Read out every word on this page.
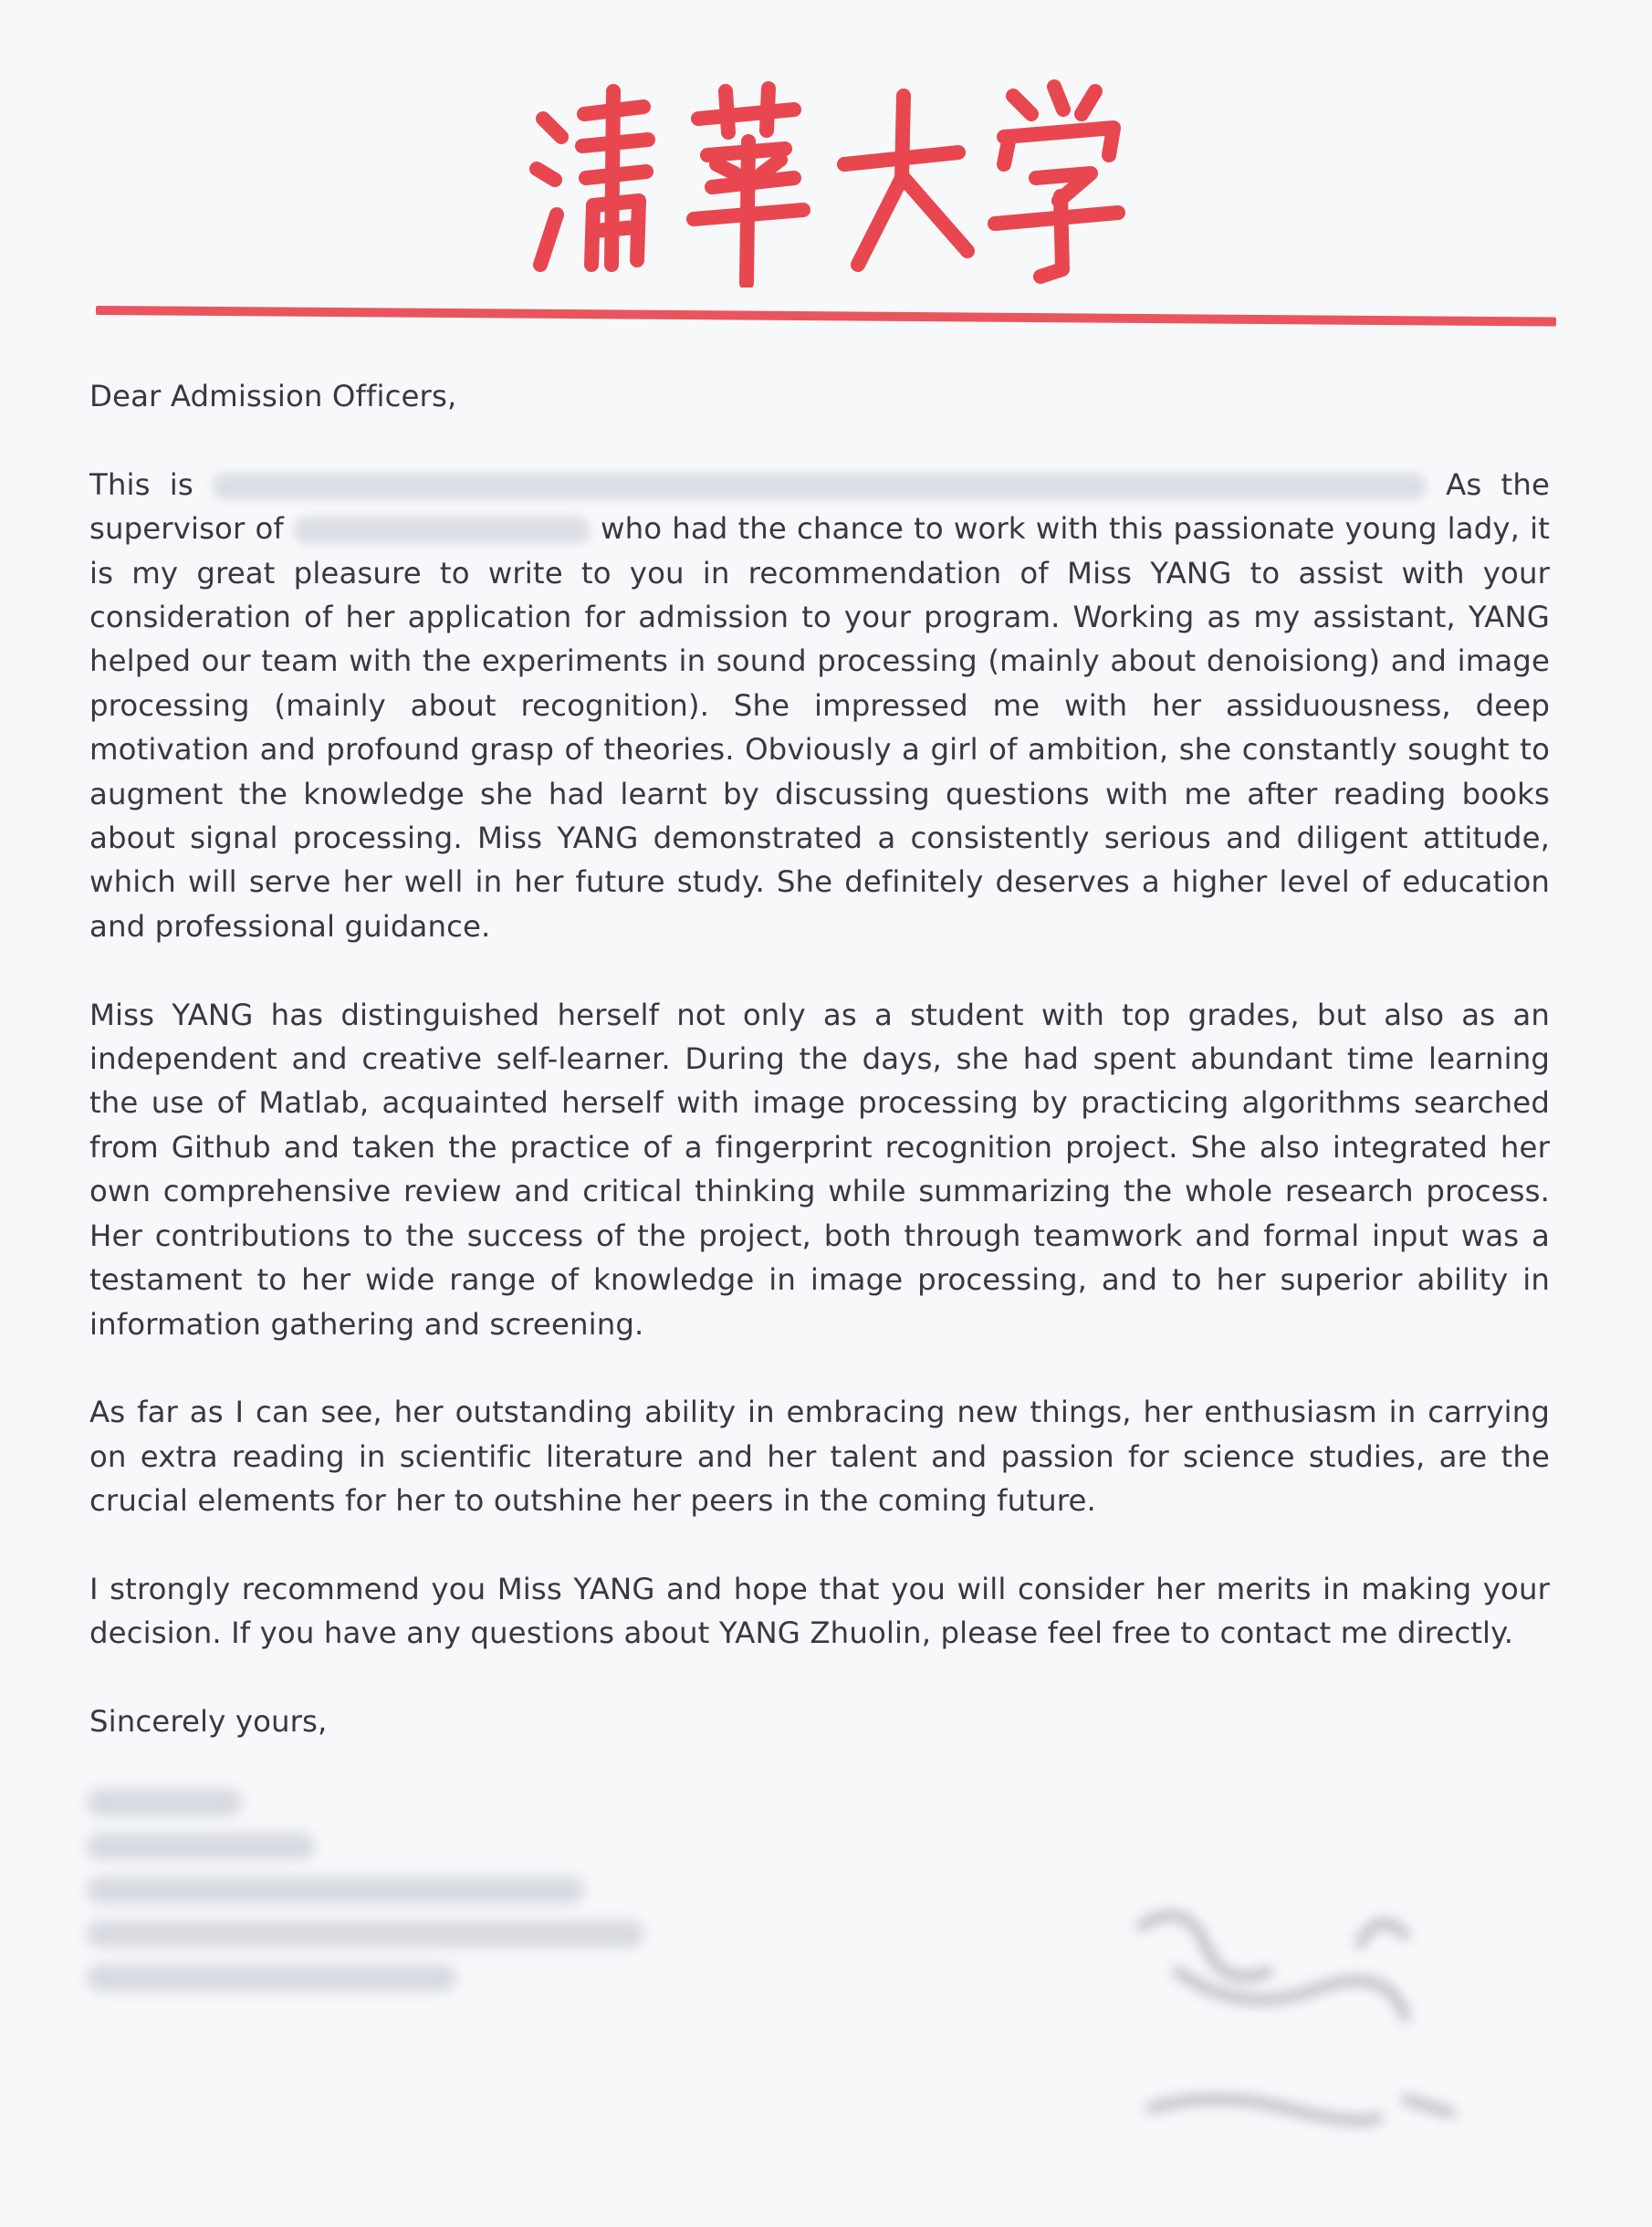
Dear Admission Officers,

This is	As the supervisor of	who had the chance to work with this passionate young lady, it is my great pleasure to write to you in recommendation of Miss YANG to assist with your consideration of her application for admission to your program. Working as my assistant, YANG helped our team with the experiments in sound processing (mainly about denoisiong) and image processing (mainly about recognition). She impressed me with her assiduousness, deep motivation and profound grasp of theories. Obviously a girl of ambition, she constantly sought to augment the knowledge she had learnt by discussing questions with me after reading books about signal processing. Miss YANG demonstrated a consistently serious and diligent attitude, which will serve her well in her future study. She definitely deserves a higher level of education and professional guidance.

Miss YANG has distinguished herself not only as a student with top grades, but also as an independent and creative self-learner. During the days, she had spent abundant time learning the use of Matlab, acquainted herself with image processing by practicing algorithms searched from Github and taken the practice of a fingerprint recognition project. She also integrated her own comprehensive review and critical thinking while summarizing the whole research process. Her contributions to the success of the project, both through teamwork and formal input was a testament to her wide range of knowledge in image processing, and to her superior ability in information gathering and screening.

As far as I can see, her outstanding ability in embracing new things, her enthusiasm in carrying on extra reading in scientific literature and her talent and passion for science studies, are the crucial elements for her to outshine her peers in the coming future.

I strongly recommend you Miss YANG and hope that you will consider her merits in making your decision. If you have any questions about YANG Zhuolin, please feel free to contact me directly.

Sincerely yours,
